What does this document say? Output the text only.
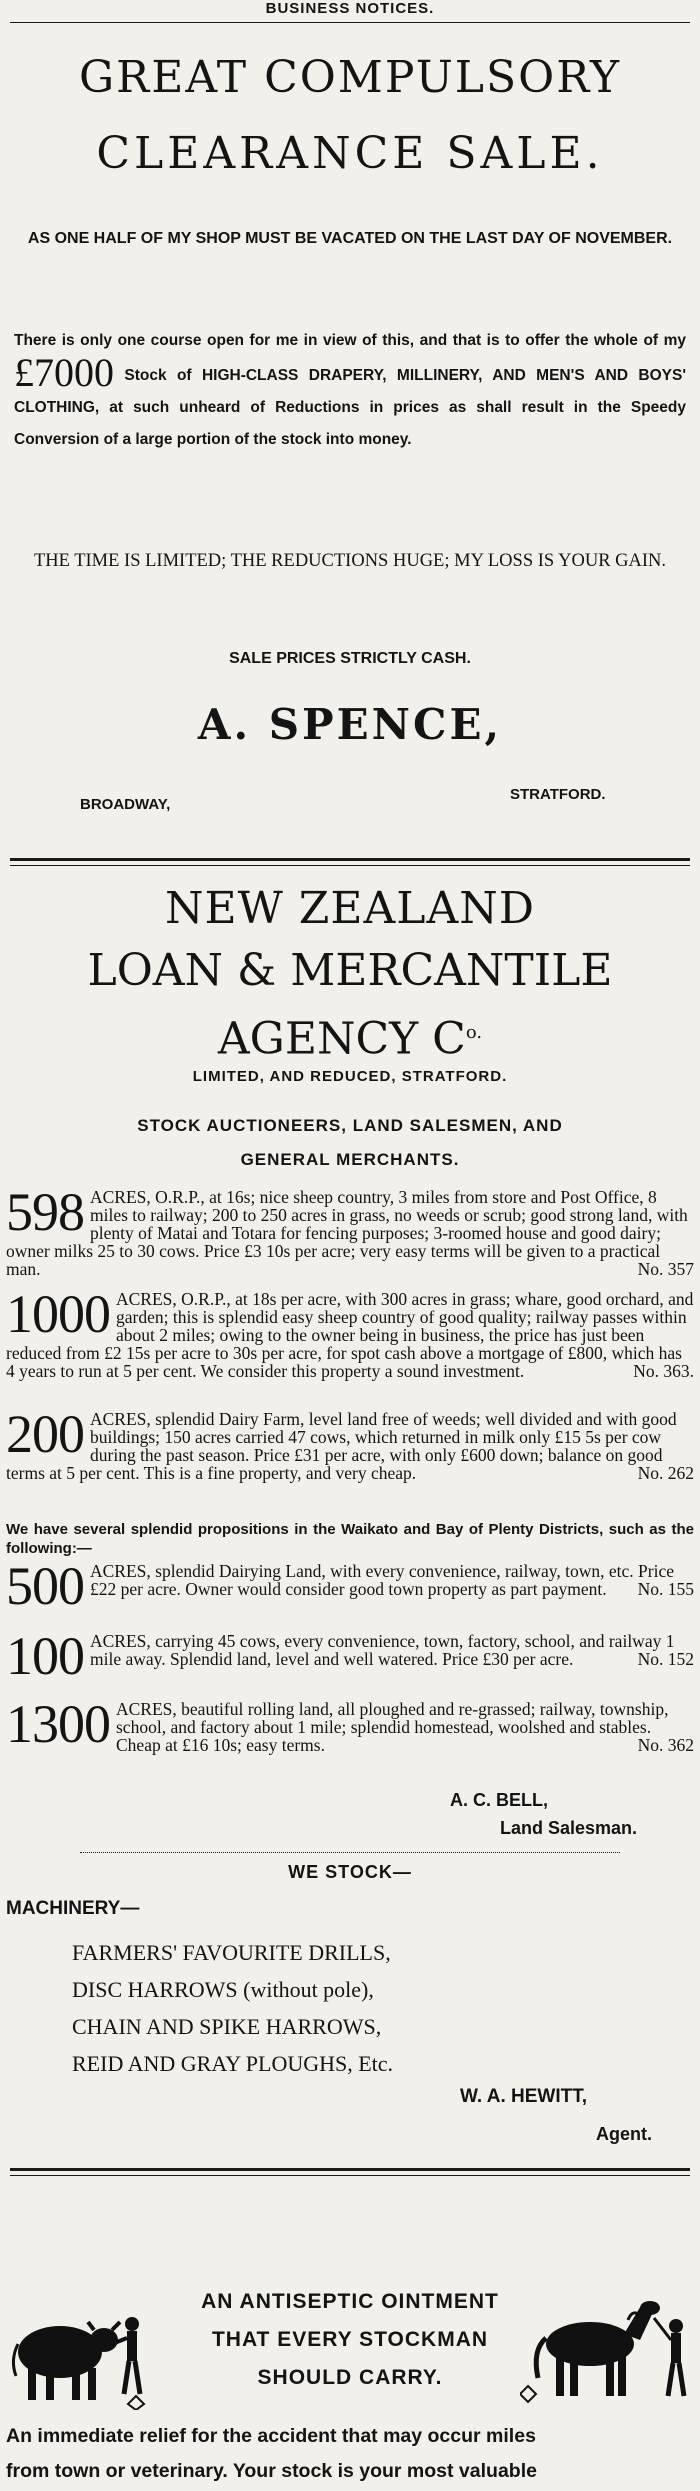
BUSINESS NOTICES.
GREAT COMPULSORY
CLEARANCE SALE.
AS ONE HALF OF MY SHOP MUST BE VACATED ON THE LAST DAY OF NOVEMBER.
There is only one course open for me in view of this, and that is to offer the whole of my £7000 Stock of HIGH-CLASS DRAPERY, MILLINERY, AND MEN'S AND BOYS' CLOTHING, at such unheard of Reductions in prices as shall result in the Speedy Conversion of a large portion of the stock into money.
THE TIME IS LIMITED; THE REDUCTIONS HUGE; MY LOSS IS YOUR GAIN.
SALE PRICES STRICTLY CASH.
A. SPENCE,
BROADWAY,
STRATFORD.
NEW ZEALAND
LOAN & MERCANTILE
AGENCY $C^{o.}$
LIMITED, AND REDUCED, STRATFORD.
STOCK AUCTIONEERS, LAND SALESMEN, AND
GENERAL MERCHANTS.
598 ACRES, O.R.P., at 16s; nice sheep country, 3 miles from store and Post Office, 8 miles to railway; 200 to 250 acres in grass, no weeds or scrub; good strong land, with plenty of Matai and Totara for fencing purposes; 3-roomed house and good dairy; owner milks 25 to 30 cows. Price £3 10s per acre; very easy terms will be given to a practical man.	No. 357
1000 ACRES, O.R.P., at 18s per acre, with 300 acres in grass; whare, good orchard, and garden; this is splendid easy sheep country of good quality; railway passes within about 2 miles; owing to the owner being in business, the price has just been reduced from £2 15s per acre to 30s per acre, for spot cash above a mortgage of £800, which has 4 years to run at 5 per cent. We consider this property a sound investment.	No. 363.
200 ACRES, splendid Dairy Farm, level land free of weeds; well divided and with good buildings; 150 acres carried 47 cows, which returned in milk only £15 5s per cow during the past season. Price £31 per acre, with only £600 down; balance on good terms at 5 per cent. This is a fine property, and very cheap.	No. 262
We have several splendid propositions in the Waikato and Bay of Plenty Districts, such as the following:—
500 ACRES, splendid Dairying Land, with every convenience, railway, town, etc. Price £22 per acre. Owner would consider good town property as part payment. No. 155
100 ACRES, carrying 45 cows, every convenience, town, factory, school, and railway 1 mile away. Splendid land, level and well watered. Price £30 per acre.	No. 152
1300 ACRES, beautiful rolling land, all ploughed and re-grassed; railway, township, school, and factory about 1 mile; splendid homestead, woolshed and stables. Cheap at £16 10s; easy terms.	No. 362
A. C. BELL,
Land Salesman.
WE STOCK—
MACHINERY—
FARMERS' FAVOURITE DRILLS,
DISC HARROWS (without pole),
CHAIN AND SPIKE HARROWS,
REID AND GRAY PLOUGHS, Etc.
W. A. HEWITT,
Agent.
AN ANTISEPTIC OINTMENT
THAT EVERY STOCKMAN
SHOULD CARRY.
An immediate relief for the accident that may occur miles
from town or veterinary. Your stock is your most valuable
